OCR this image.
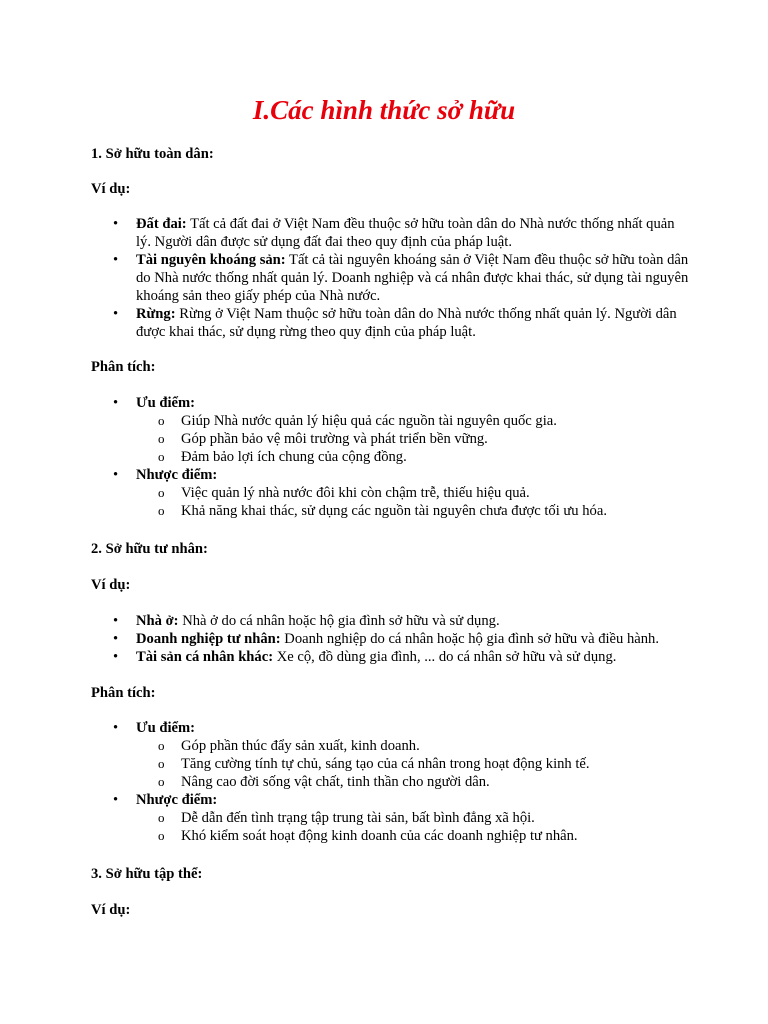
I.Các hình thức sở hữu

1. Sở hữu toàn dân:

Ví dụ:

• Đất đai: Tất cả đất đai ở Việt Nam đều thuộc sở hữu toàn dân do Nhà nước thống nhất quản lý. Người dân được sử dụng đất đai theo quy định của pháp luật.
• Tài nguyên khoáng sản: Tất cả tài nguyên khoáng sản ở Việt Nam đều thuộc sở hữu toàn dân do Nhà nước thống nhất quản lý. Doanh nghiệp và cá nhân được khai thác, sử dụng tài nguyên khoáng sản theo giấy phép của Nhà nước.
• Rừng: Rừng ở Việt Nam thuộc sở hữu toàn dân do Nhà nước thống nhất quản lý. Người dân được khai thác, sử dụng rừng theo quy định của pháp luật.

Phân tích:

• Ưu điểm:
o Giúp Nhà nước quản lý hiệu quả các nguồn tài nguyên quốc gia.
o Góp phần bảo vệ môi trường và phát triển bền vững.
o Đảm bảo lợi ích chung của cộng đồng.
• Nhược điểm:
o Việc quản lý nhà nước đôi khi còn chậm trễ, thiếu hiệu quả.
o Khả năng khai thác, sử dụng các nguồn tài nguyên chưa được tối ưu hóa.

2. Sở hữu tư nhân:

Ví dụ:

• Nhà ở: Nhà ở do cá nhân hoặc hộ gia đình sở hữu và sử dụng.
• Doanh nghiệp tư nhân: Doanh nghiệp do cá nhân hoặc hộ gia đình sở hữu và điều hành.
• Tài sản cá nhân khác: Xe cộ, đồ dùng gia đình, ... do cá nhân sở hữu và sử dụng.

Phân tích:

• Ưu điểm:
o Góp phần thúc đẩy sản xuất, kinh doanh.
o Tăng cường tính tự chủ, sáng tạo của cá nhân trong hoạt động kinh tế.
o Nâng cao đời sống vật chất, tinh thần cho người dân.
• Nhược điểm:
o Dễ dẫn đến tình trạng tập trung tài sản, bất bình đẳng xã hội.
o Khó kiểm soát hoạt động kinh doanh của các doanh nghiệp tư nhân.

3. Sở hữu tập thể:

Ví dụ:
